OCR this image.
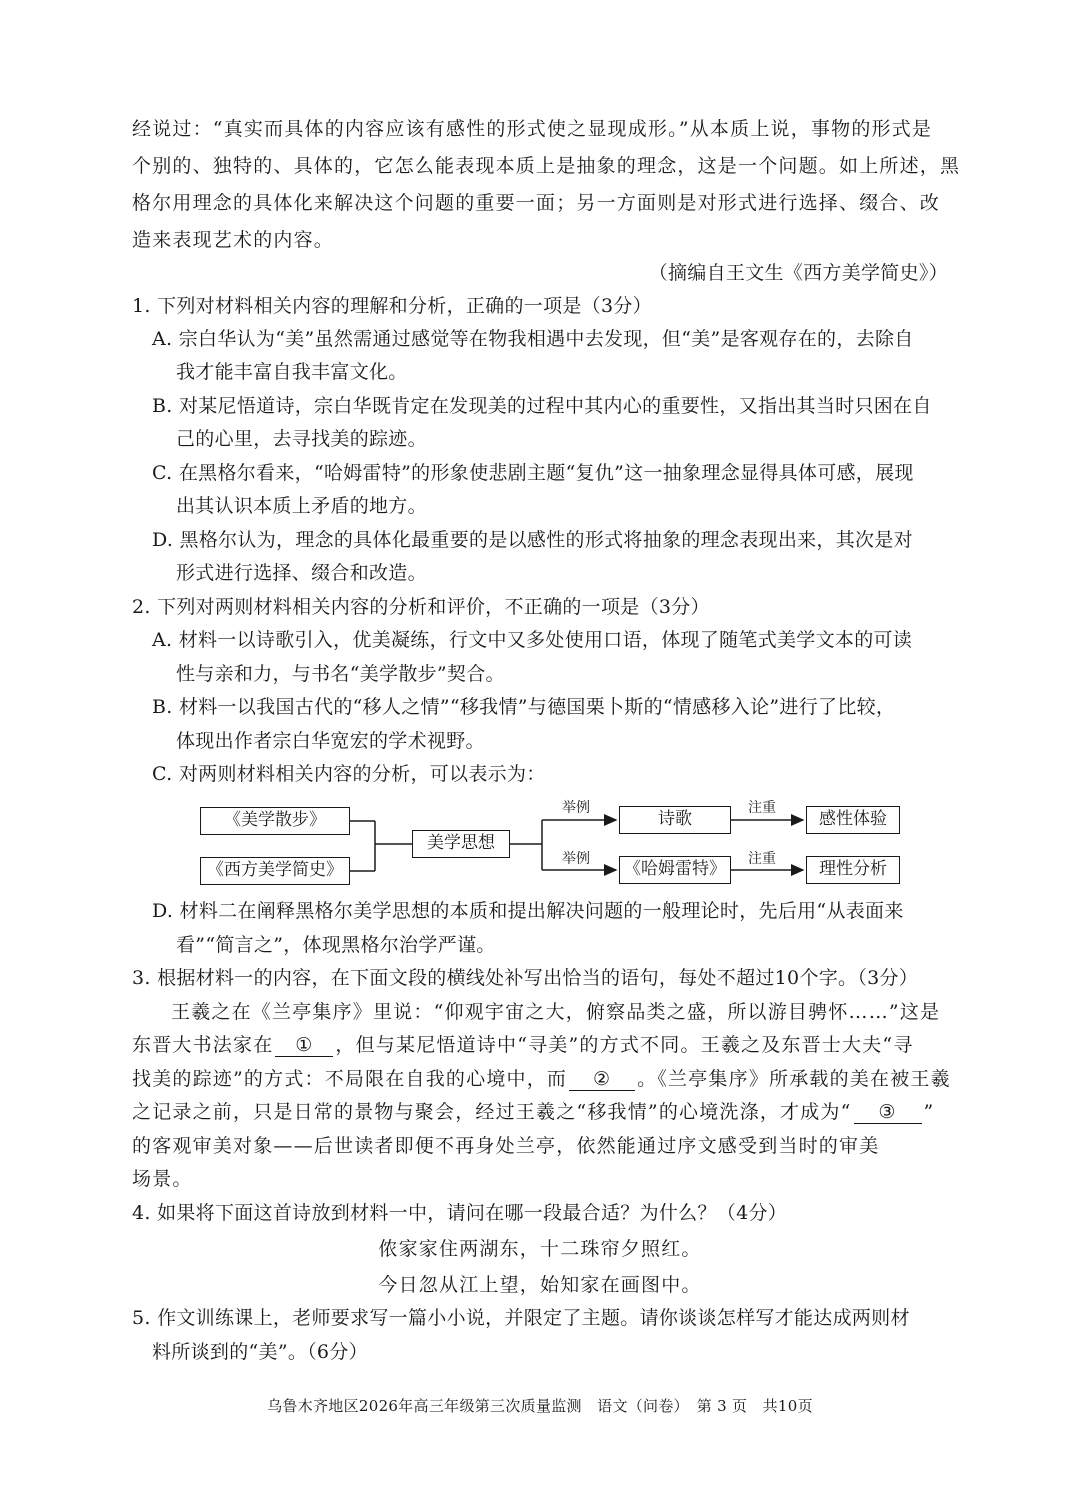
经说过：“真实而具体的内容应该有感性的形式使之显现成形。”从本质上说，事物的形式是
个别的、独特的、具体的，它怎么能表现本质上是抽象的理念，这是一个问题。如上所述，黑
格尔用理念的具体化来解决这个问题的重要一面；另一方面则是对形式进行选择、缀合、改
造来表现艺术的内容。
（摘编自王文生《西方美学简史》）
1. 下列对材料相关内容的理解和分析，正确的一项是（3分）
A. 宗白华认为“美”虽然需通过感觉等在物我相遇中去发现，但“美”是客观存在的，去除自
我才能丰富自我丰富文化。
B. 对某尼悟道诗，宗白华既肯定在发现美的过程中其内心的重要性，又指出其当时只困在自
己的心里，去寻找美的踪迹。
C. 在黑格尔看来，“哈姆雷特”的形象使悲剧主题“复仇”这一抽象理念显得具体可感，展现
出其认识本质上矛盾的地方。
D. 黑格尔认为，理念的具体化最重要的是以感性的形式将抽象的理念表现出来，其次是对
形式进行选择、缀合和改造。
2. 下列对两则材料相关内容的分析和评价，不正确的一项是（3分）
A. 材料一以诗歌引入，优美凝练，行文中又多处使用口语，体现了随笔式美学文本的可读
性与亲和力，与书名“美学散步”契合。
B. 材料一以我国古代的“移人之情”“移我情”与德国栗卜斯的“情感移入论”进行了比较，
体现出作者宗白华宽宏的学术视野。
C. 对两则材料相关内容的分析，可以表示为：
《美学散步》
《西方美学简史》
美学思想
举例
举例
诗歌
《哈姆雷特》
注重
注重
感性体验
理性分析
D. 材料二在阐释黑格尔美学思想的本质和提出解决问题的一般理论时，先后用“从表面来
看”“简言之”，体现黑格尔治学严谨。
3. 根据材料一的内容，在下面文段的横线处补写出恰当的语句，每处不超过10个字。（3分）
王羲之在《兰亭集序》里说：“仰观宇宙之大，俯察品类之盛，所以游目骋怀……”这是
东晋大书法家在 ① ，但与某尼悟道诗中“寻美”的方式不同。王羲之及东晋士大夫“寻
找美的踪迹”的方式：不局限在自我的心境中，而 ② 。《兰亭集序》所承载的美在被王羲
之记录之前，只是日常的景物与聚会，经过王羲之“移我情”的心境洗涤，才成为“ ③ ”
的客观审美对象——后世读者即便不再身处兰亭，依然能通过序文感受到当时的审美
场景。
4. 如果将下面这首诗放到材料一中，请问在哪一段最合适？为什么？（4分）
侬家家住两湖东，十二珠帘夕照红。
今日忽从江上望，始知家在画图中。
5. 作文训练课上，老师要求写一篇小小说，并限定了主题。请你谈谈怎样写才能达成两则材
料所谈到的“美”。（6分）
乌鲁木齐地区2026年高三年级第三次质量监测　语文（问卷）　第 3 页　共10页
